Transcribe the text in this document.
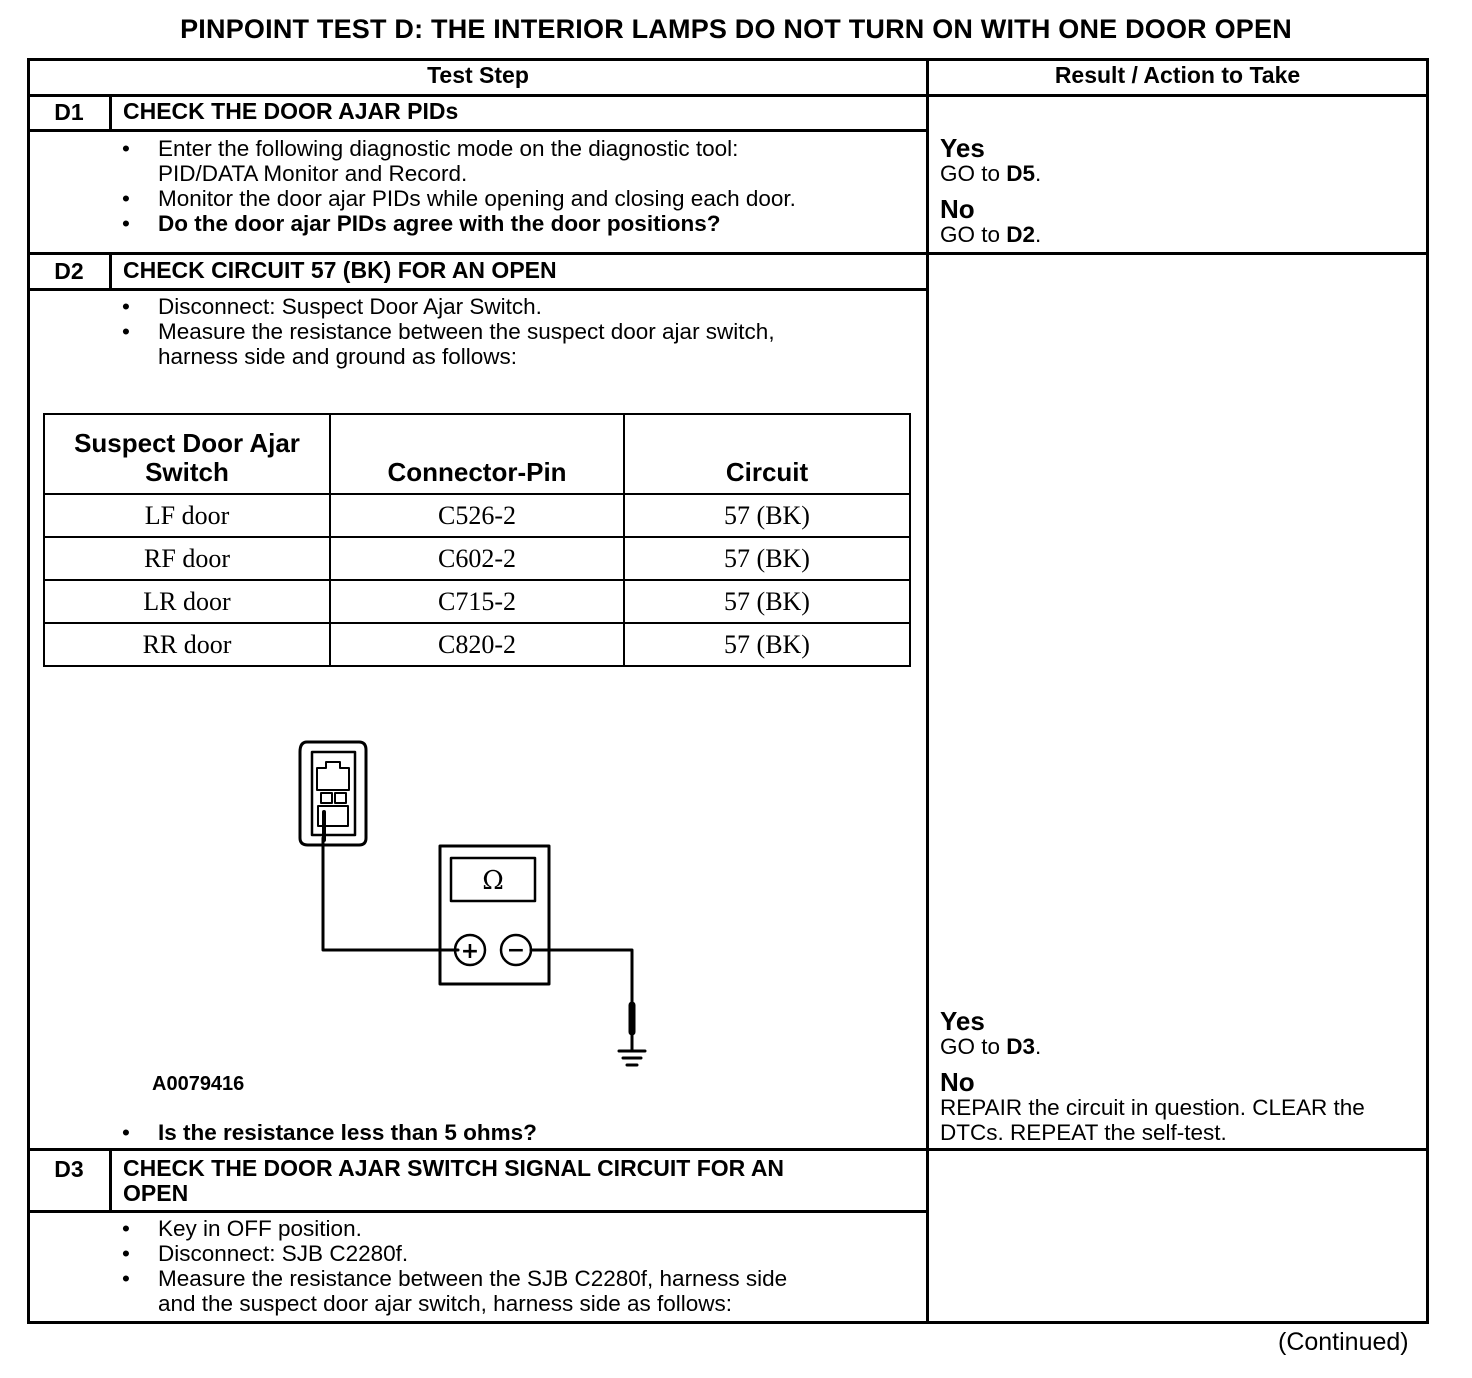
PINPOINT TEST D: THE INTERIOR LAMPS DO NOT TURN ON WITH ONE DOOR OPEN
Test Step	Result / Action to Take
D1	CHECK THE DOOR AJAR PIDs
• Enter the following diagnostic mode on the diagnostic tool:
PID/DATA Monitor and Record.
• Monitor the door ajar PIDs while opening and closing each door.
• Do the door ajar PIDs agree with the door positions?
Yes
GO to D5.
No
GO to D2.
D2	CHECK CIRCUIT 57 (BK) FOR AN OPEN
• Disconnect: Suspect Door Ajar Switch.
• Measure the resistance between the suspect door ajar switch,
harness side and ground as follows:
Suspect Door Ajar
Switch	Connector-Pin	Circuit
LF door	C526-2	57 (BK)
RF door	C602-2	57 (BK)
LR door	C715-2	57 (BK)
RR door	C820-2	57 (BK)
Ω
+ −
A0079416
• Is the resistance less than 5 ohms?
Yes
GO to D3.
No
REPAIR the circuit in question. CLEAR the
DTCs. REPEAT the self-test.
D3	CHECK THE DOOR AJAR SWITCH SIGNAL CIRCUIT FOR AN
OPEN
• Key in OFF position.
• Disconnect: SJB C2280f.
• Measure the resistance between the SJB C2280f, harness side
and the suspect door ajar switch, harness side as follows:
(Continued)
